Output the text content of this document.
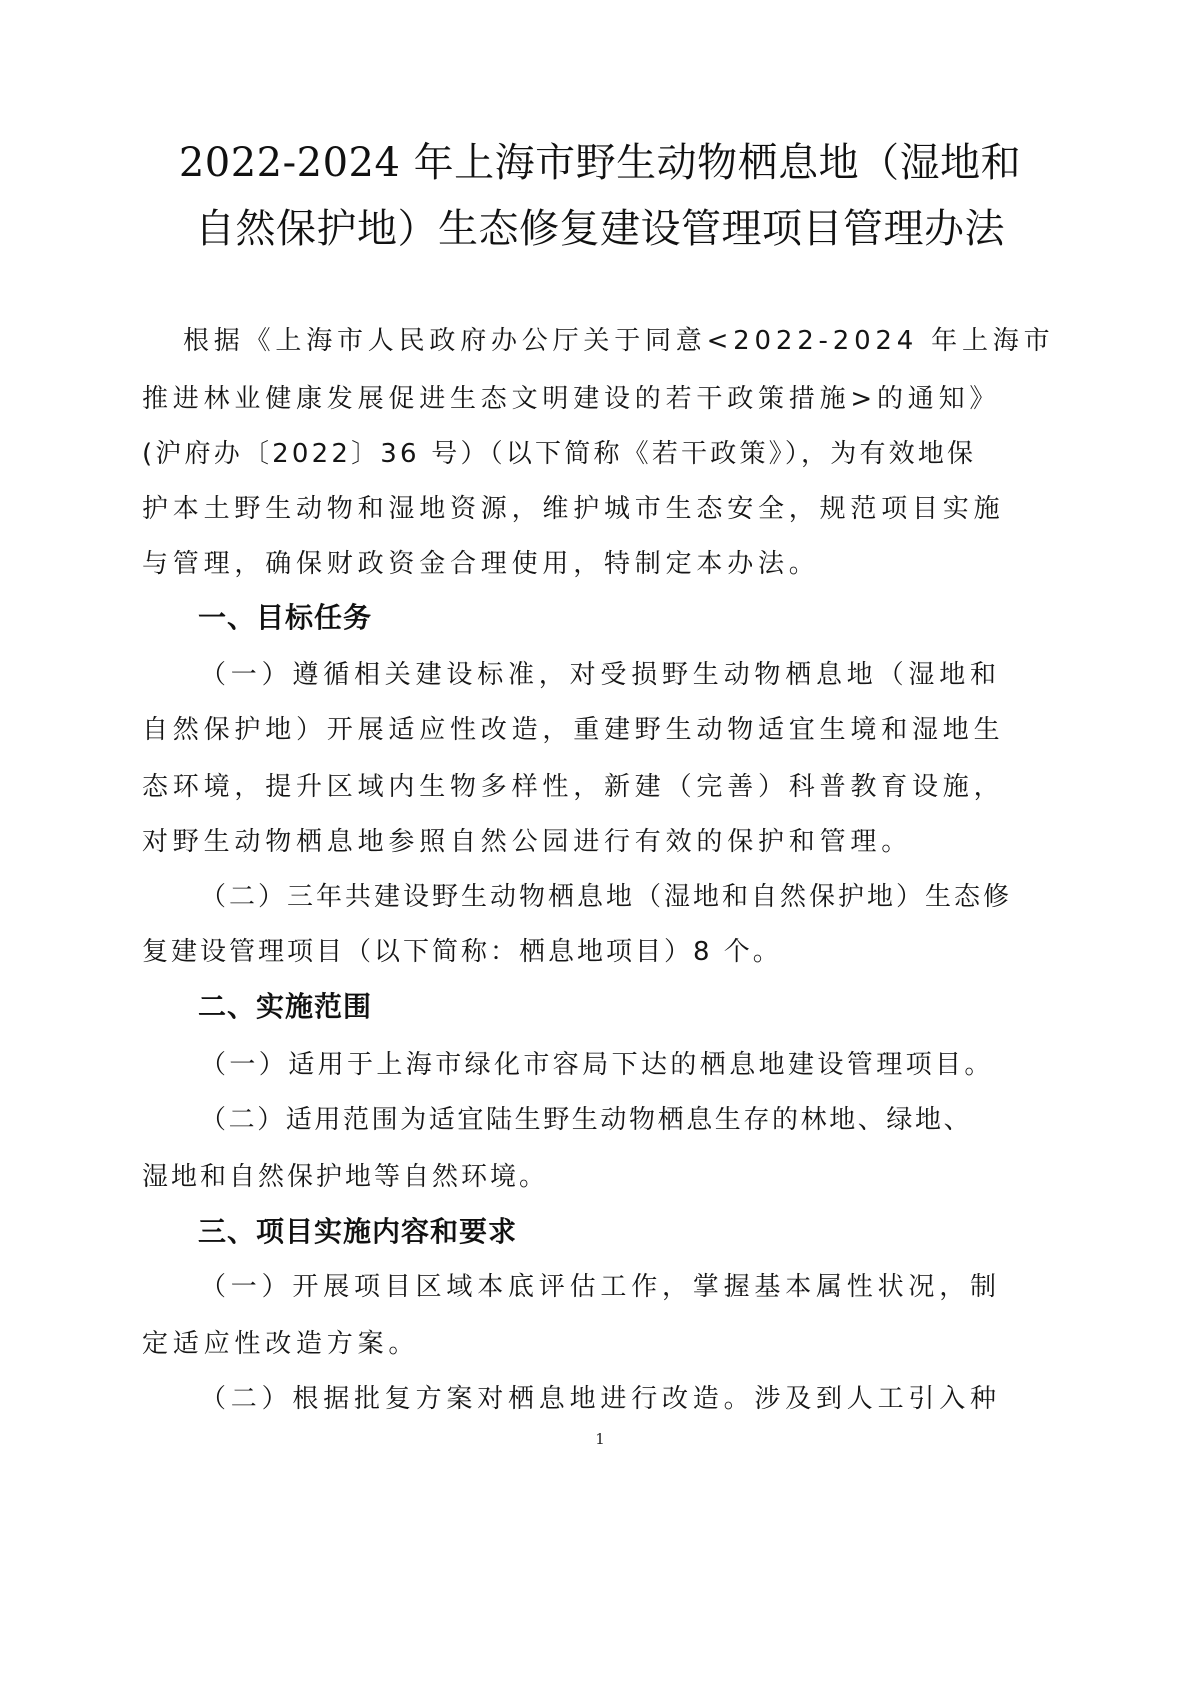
2022-2024 年上海市野生动物栖息地（湿地和
自然保护地）生态修复建设管理项目管理办法
根据《上海市人民政府办公厅关于同意<2022-2024 年上海市
推进林业健康发展促进生态文明建设的若干政策措施>的通知》
(沪府办〔2022〕36 号）（以下简称《若干政策》），为有效地保
护本土野生动物和湿地资源，维护城市生态安全，规范项目实施
与管理，确保财政资金合理使用，特制定本办法。
一、目标任务
（一）遵循相关建设标准，对受损野生动物栖息地（湿地和
自然保护地）开展适应性改造，重建野生动物适宜生境和湿地生
态环境，提升区域内生物多样性，新建（完善）科普教育设施，
对野生动物栖息地参照自然公园进行有效的保护和管理。
（二）三年共建设野生动物栖息地（湿地和自然保护地）生态修
复建设管理项目（以下简称：栖息地项目）8 个。
二、实施范围
（一）适用于上海市绿化市容局下达的栖息地建设管理项目。
（二）适用范围为适宜陆生野生动物栖息生存的林地、绿地、
湿地和自然保护地等自然环境。
三、项目实施内容和要求
（一）开展项目区域本底评估工作，掌握基本属性状况，制
定适应性改造方案。
（二）根据批复方案对栖息地进行改造。涉及到人工引入种
1
